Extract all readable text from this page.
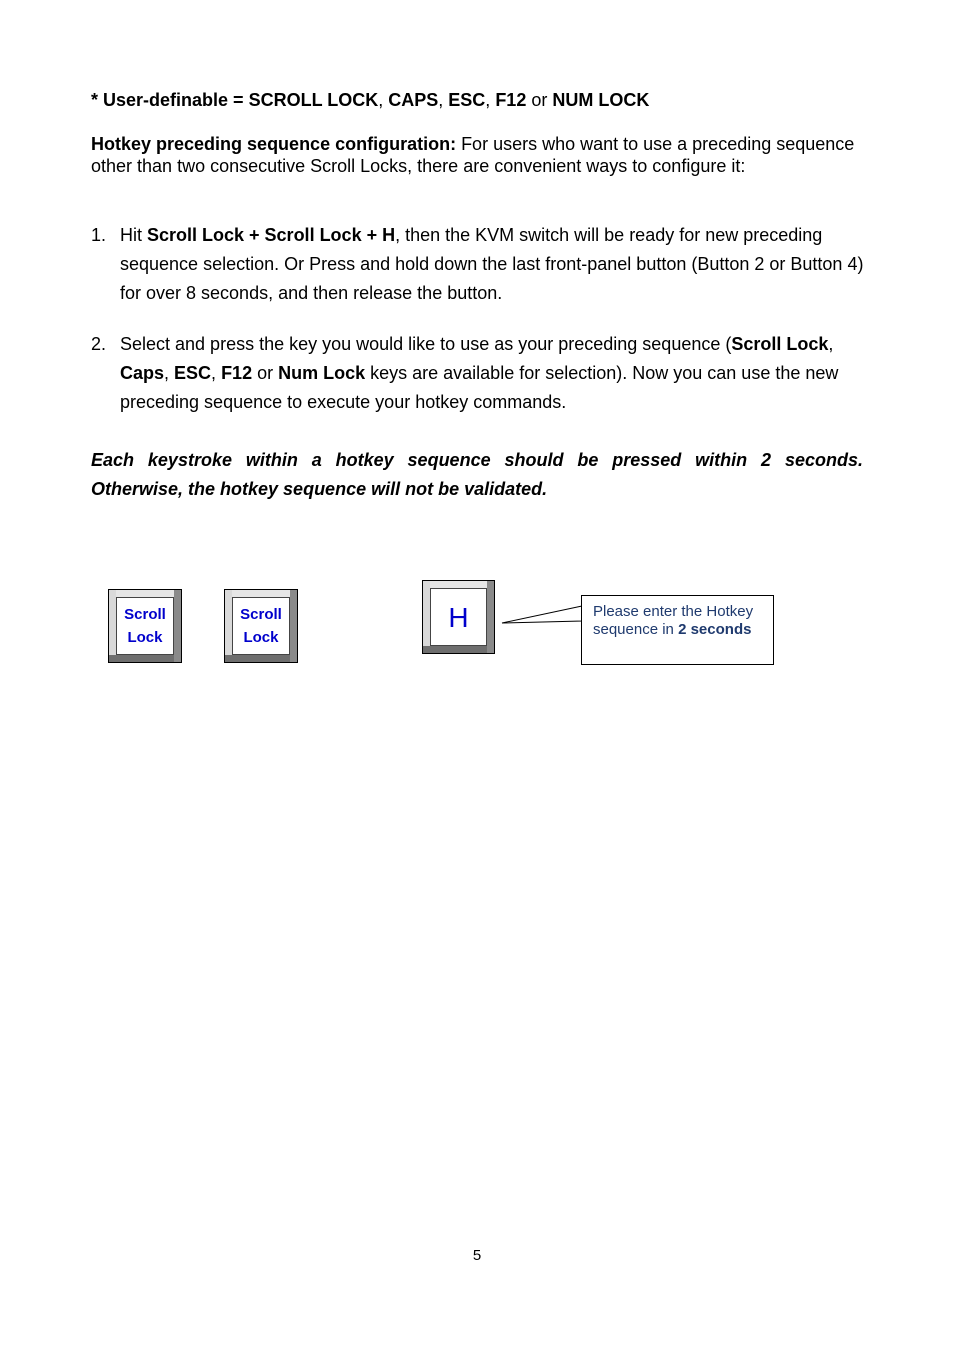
* User-definable = SCROLL LOCK, CAPS, ESC, F12 or NUM LOCK

Hotkey preceding sequence configuration: For users who want to use a preceding sequence other than two consecutive Scroll Locks, there are convenient ways to configure it:

1. Hit Scroll Lock + Scroll Lock + H, then the KVM switch will be ready for new preceding sequence selection. Or Press and hold down the last front-panel button (Button 2 or Button 4) for over 8 seconds, and then release the button.

2. Select and press the key you would like to use as your preceding sequence (Scroll Lock, Caps, ESC, F12 or Num Lock keys are available for selection). Now you can use the new preceding sequence to execute your hotkey commands.

Each keystroke within a hotkey sequence should be pressed within 2 seconds.
Otherwise, the hotkey sequence will not be validated.

Scroll
Lock
Scroll
Lock
H	Please enter the Hotkey sequence in 2 seconds
5
